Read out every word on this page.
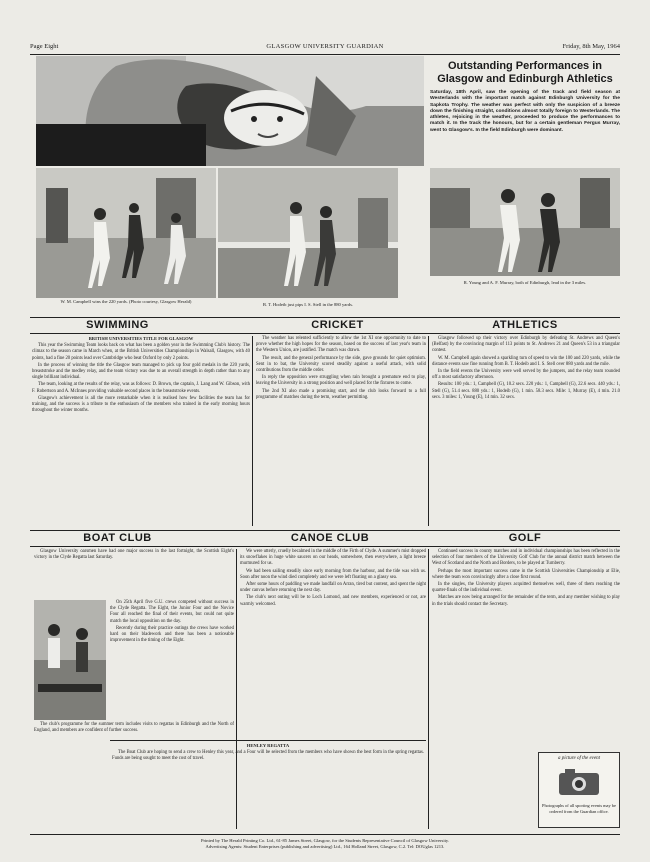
Page Eight	GLASGOW UNIVERSITY GUARDIAN	Friday, 8th May, 1964
Outstanding Performances in Glasgow and Edinburgh Athletics
Saturday, 18th April, saw the opening of the track and field season at Westerlands with the important match against Edinburgh University for the Sapkota Trophy. The weather was perfect with only the suspicion of a breeze down the finishing straight, conditions almost totally foreign to Westerlands. The athletes, rejoicing in the weather, proceeded to produce the performances to match it. In the track the honours, but for a certain gentleman Fergus Murray, went to Glasgow's. In the field Edinburgh were dominant.
W. M. Campbell wins the 220 yards. (Photo courtesy, Glasgow Herald)
B. T. Hodeib just pips I. S. Stell in the 880 yards.
R. Young and A. F. Murray, both of Edinburgh, lead in the 3 miles.
SWIMMING	CRICKET	ATHLETICS

BRITISH UNIVERSITIES TITLE FOR GLASGOW

This year the Swimming Team looks back on what has been a golden year in the Swimming Club's history. The climax to the season came in March when, at the British Universities Championships in Walsall, Glasgow, with 40 points, had a fine 20 points lead over Cambridge who beat Oxford by only 2 points.

In the process of winning the title the Glasgow team managed to pick up four gold medals in the 220 yards, breaststroke and the medley relay, and the team victory was due to an overall strength in depth rather than to any single brilliant individual.

The team, looking at the results of the relay, was as follows: D. Brown, the captain, J. Lang and W. Gibson, with F. Robertson and A. McInnes providing valuable second places in the breaststroke events.

Glasgow's achievement is all the more remarkable when it is realised how few facilities the team has for training, and the success is a tribute to the enthusiasm of the members who trained in the early morning hours throughout the winter months.

The weather has relented sufficiently to allow the 1st XI one opportunity to date to prove whether the high hopes for the season, based on the success of last year's team in the Western Union, are justified. The match was drawn.

The result, and the general performance by the side, gave grounds for quiet optimism. Sent in to bat, the University scored steadily against a useful attack, with solid contributions from the middle order.

In reply the opposition were struggling when rain brought a premature end to play, leaving the University in a strong position and well placed for the fixtures to come.

The 2nd XI also made a promising start, and the club looks forward to a full programme of matches during the term, weather permitting.

Glasgow followed up their victory over Edinburgh by defeating St. Andrews and Queen's (Belfast) by the convincing margin of 113 points to St. Andrews 21 and Queen's 53 in a triangular contest.

W. M. Campbell again showed a sparkling turn of speed to win the 100 and 220 yards, while the distance events saw fine running from B. T. Hodeib and I. S. Stell over 880 yards and the mile.

In the field events the University were well served by the jumpers, and the relay team rounded off a most satisfactory afternoon.

Results: 100 yds.: 1, Campbell (G), 10.2 secs. 220 yds.: 1, Campbell (G), 22.6 secs. 440 yds.: 1, Stell (G), 51.4 secs. 880 yds.: 1, Hodeib (G), 1 min. 58.3 secs. Mile: 1, Murray (E), 4 min. 21.0 secs. 3 miles: 1, Young (E), 14 min. 32 secs.

BOAT CLUB	CANOE CLUB	GOLF

Glasgow University oarsmen have had one major success in the last fortnight, the Scottish Eight's victory in the Clyde Regatta last Saturday.

On 25th April five G.U. crews competed without success in the Clyde Regatta. The Eight, the Junior Four and the Novice Four all reached the final of their events, but could not quite match the local opposition on the day.

Recently during their practice outings the crews have worked hard on their bladework and there has been a noticeable improvement in the timing of the Eight.

The club's programme for the summer term includes visits to regattas in Edinburgh and the North of England, and members are confident of further success.

We were utterly, cruelly becalmed in the middle of the Firth of Clyde. A summer's mist dropped its snowflakes in huge white saucers on our heads, somewhere, then everywhere, a light breeze murmured for us.

We had been sailing steadily since early morning from the harbour, and the tide was with us. Soon after noon the wind died completely and we were left floating on a glassy sea.

After some hours of paddling we made landfall on Arran, tired but content, and spent the night under canvas before returning the next day.

The club's next outing will be to Loch Lomond, and new members, experienced or not, are warmly welcomed.

HENLEY REGATTA

The Boat Club are hoping to send a crew to Henley this year, and a Four will be selected from the members who have shown the best form in the spring regattas. Funds are being sought to meet the cost of travel.

Continued success in county matches and in individual championships has been reflected in the selection of four members of the University Golf Club for the annual district match between the West of Scotland and the North and Borders, to be played at Turnberry.

Perhaps the most important success came in the Scottish Universities Championship at Elie, where the team won convincingly after a close first round.

In the singles, the University players acquitted themselves well, three of them reaching the quarter-finals of the individual event.

Matches are now being arranged for the remainder of the term, and any member wishing to play in the trials should contact the Secretary.

a picture of the event
Photographs of all sporting events may be ordered from the Guardian office.
Printed by The Herald Printing Co. Ltd., 61-85 James Street, Glasgow, for the Students Representative Council of Glasgow University.
Advertising Agents: Student Enterprises (publishing and advertising) Ltd., 164 Holland Street, Glasgow, C.2. Tel: DOUglas 1213.
